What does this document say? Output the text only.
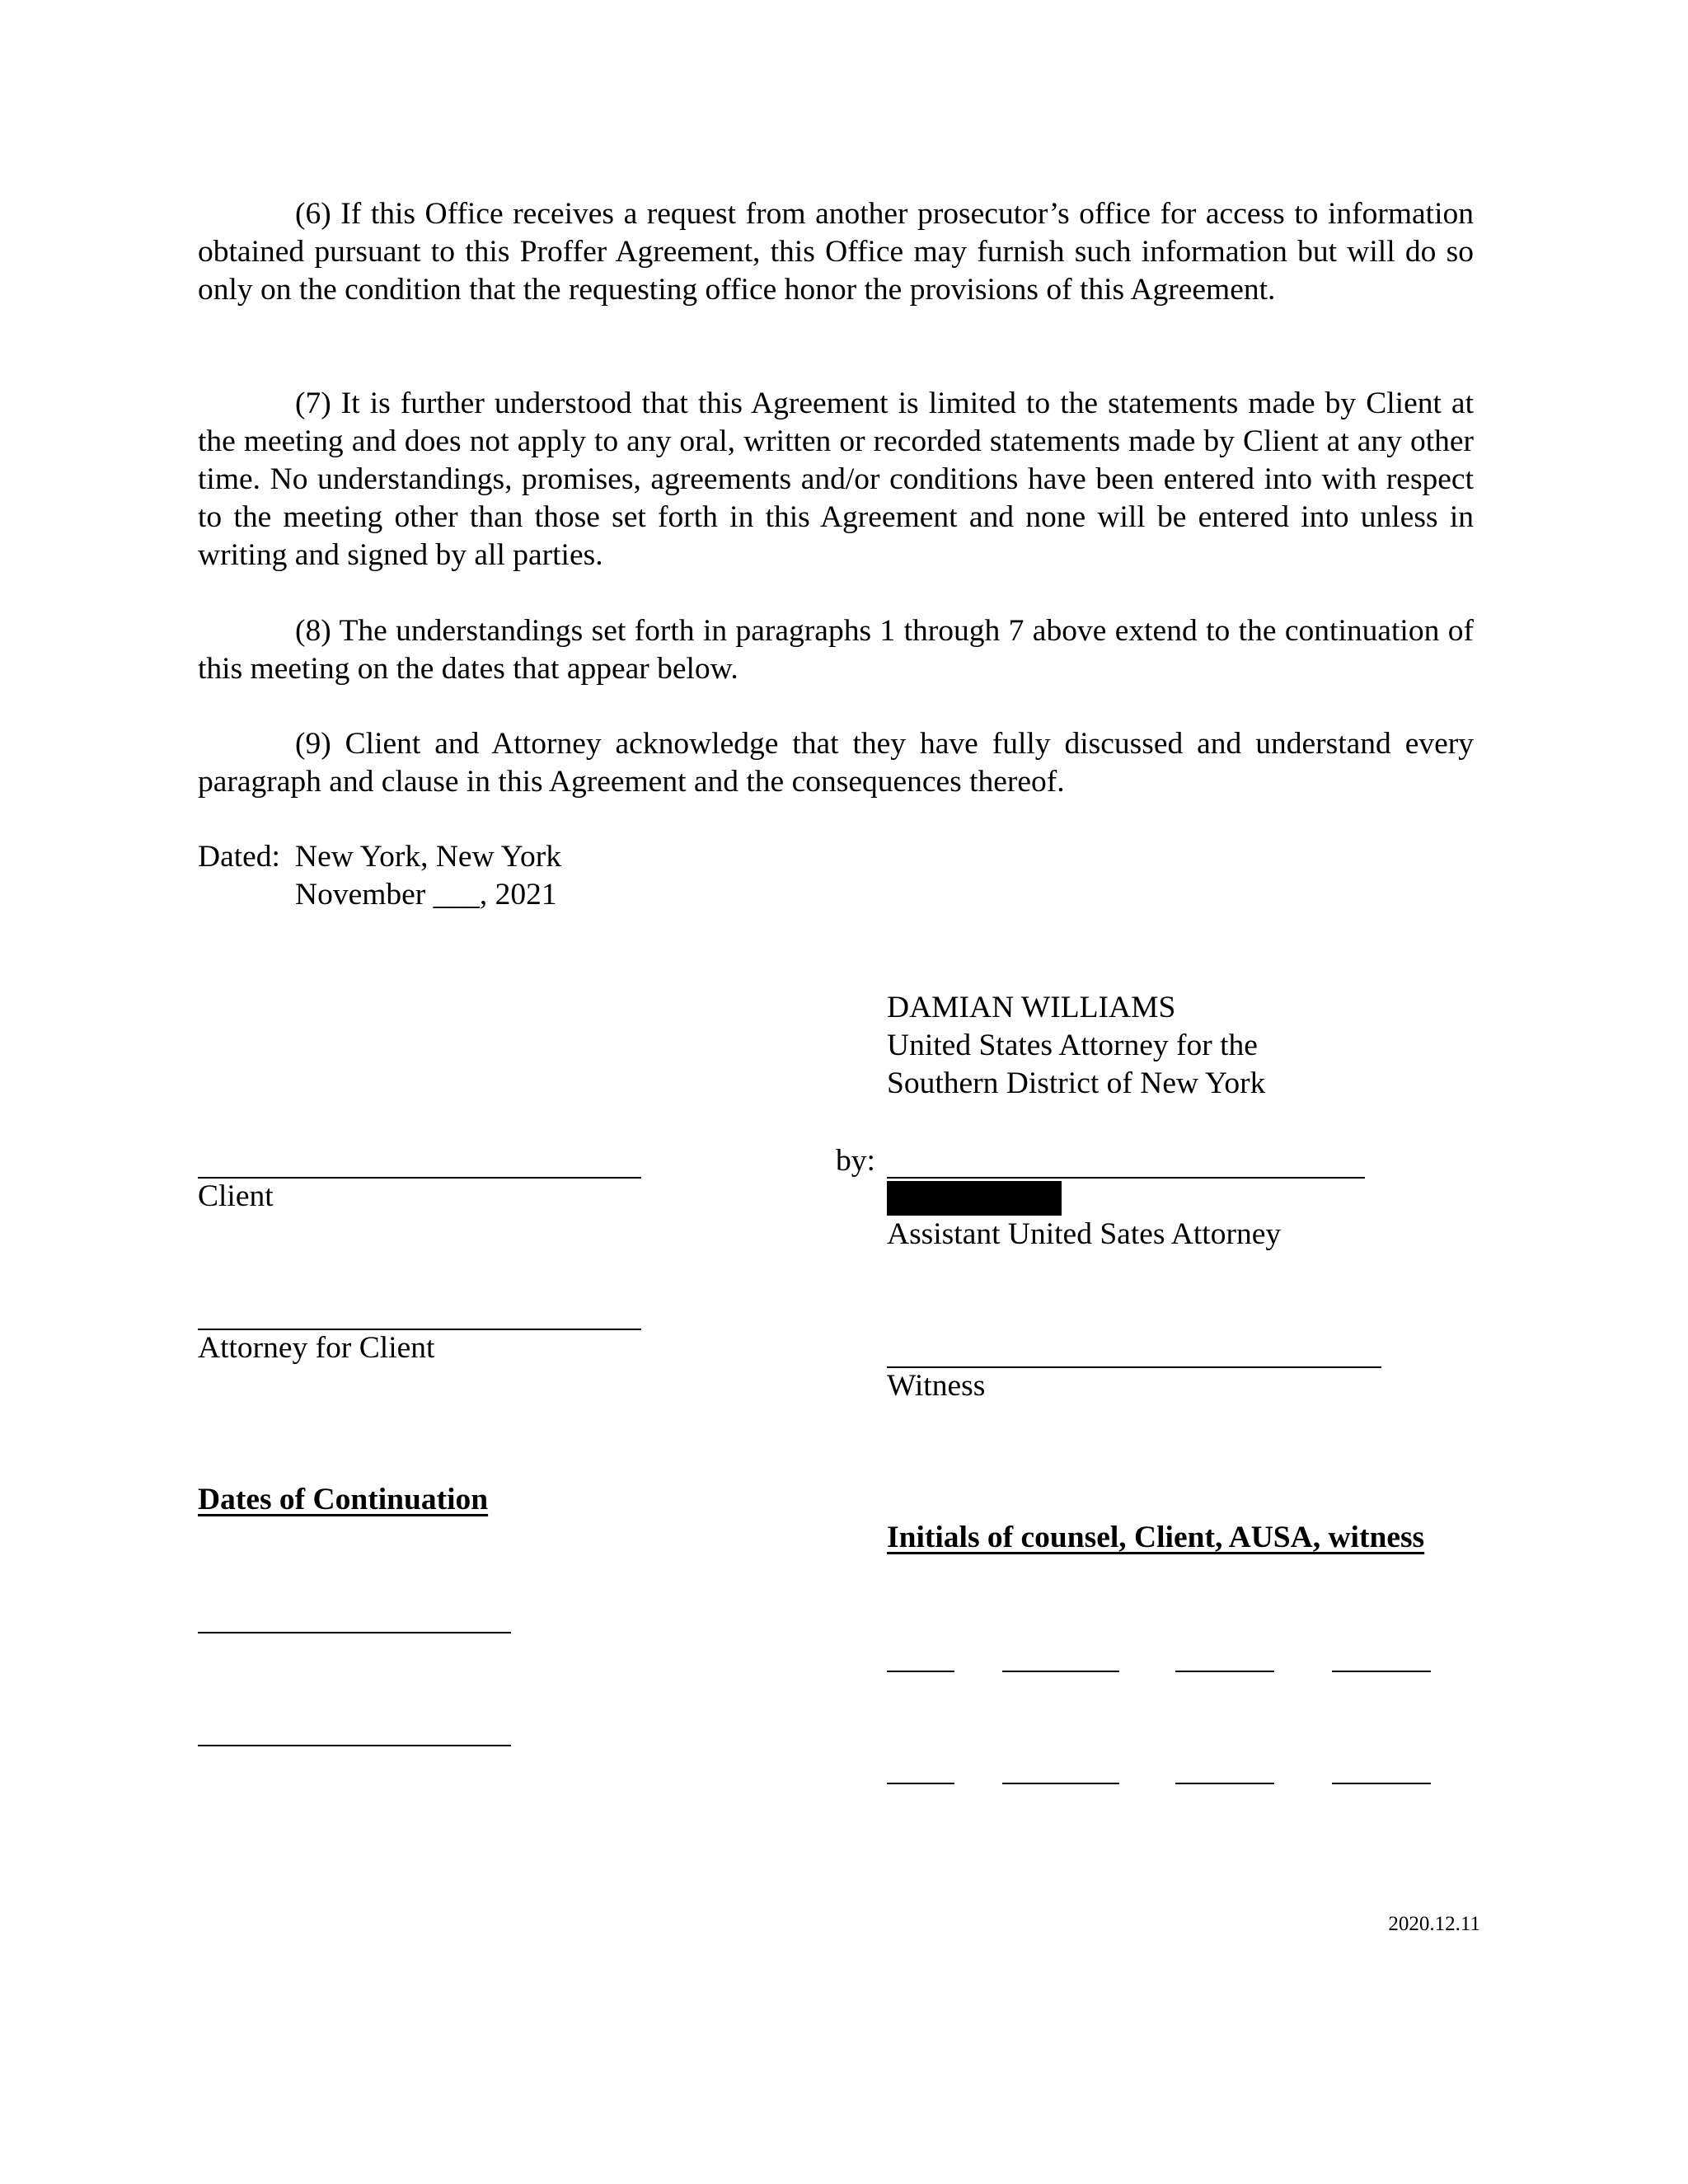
(6) If this Office receives a request from another prosecutor’s office for access to information obtained pursuant to this Proffer Agreement, this Office may furnish such information but will do so only on the condition that the requesting office honor the provisions of this Agreement.
(7) It is further understood that this Agreement is limited to the statements made by Client at the meeting and does not apply to any oral, written or recorded statements made by Client at any other time. No understandings, promises, agreements and/or conditions have been entered into with respect to the meeting other than those set forth in this Agreement and none will be entered into unless in writing and signed by all parties.
(8) The understandings set forth in paragraphs 1 through 7 above extend to the continuation of this meeting on the dates that appear below.
(9) Client and Attorney acknowledge that they have fully discussed and understand every paragraph and clause in this Agreement and the consequences thereof.
Dated: New York, New York
November ___, 2021
DAMIAN WILLIAMS
United States Attorney for the
Southern District of New York
Client
by:
Assistant United Sates Attorney
Attorney for Client
Witness
Dates of Continuation
Initials of counsel, Client, AUSA, witness
2020.12.11
